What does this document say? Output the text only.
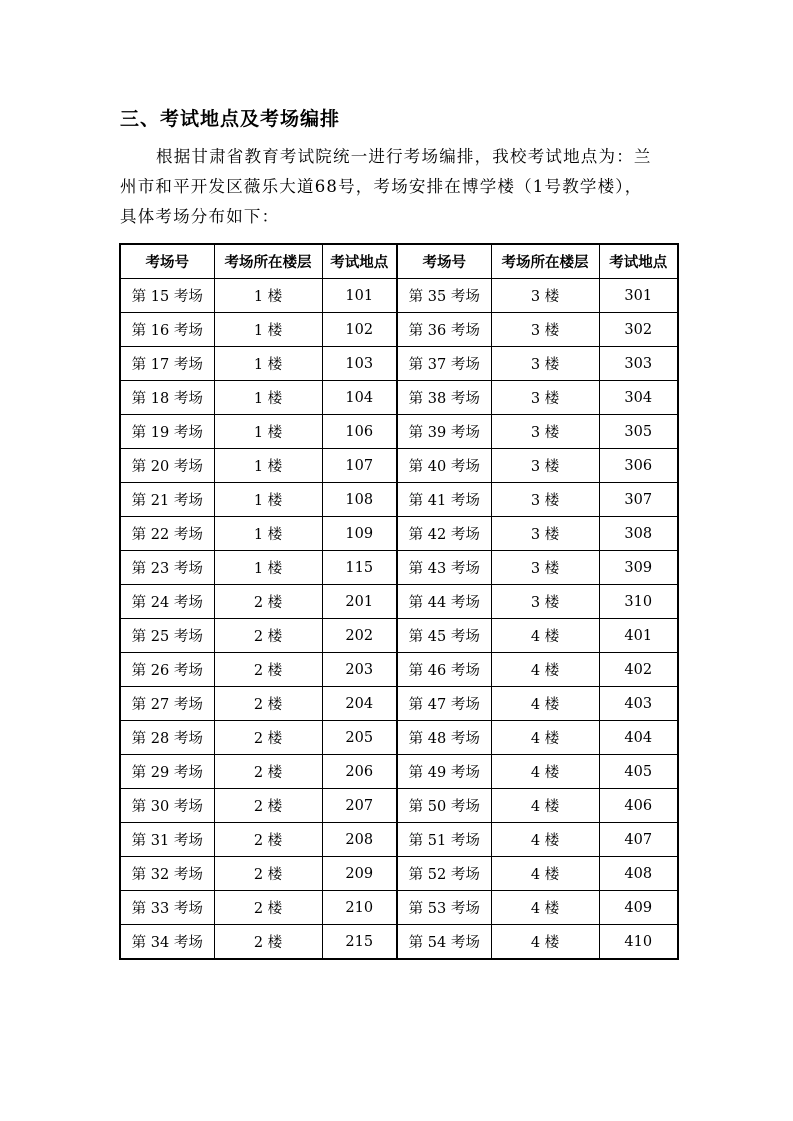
三、考试地点及考场编排
根据甘肃省教育考试院统一进行考场编排，我校考试地点为：兰
州市和平开发区薇乐大道68号，考场安排在博学楼（1号教学楼），
具体考场分布如下：
考场号	考场所在楼层	考试地点	考场号	考场所在楼层	考试地点
第 15 考场	1 楼	101	第 35 考场	3 楼	301
第 16 考场	1 楼	102	第 36 考场	3 楼	302
第 17 考场	1 楼	103	第 37 考场	3 楼	303
第 18 考场	1 楼	104	第 38 考场	3 楼	304
第 19 考场	1 楼	106	第 39 考场	3 楼	305
第 20 考场	1 楼	107	第 40 考场	3 楼	306
第 21 考场	1 楼	108	第 41 考场	3 楼	307
第 22 考场	1 楼	109	第 42 考场	3 楼	308
第 23 考场	1 楼	115	第 43 考场	3 楼	309
第 24 考场	2 楼	201	第 44 考场	3 楼	310
第 25 考场	2 楼	202	第 45 考场	4 楼	401
第 26 考场	2 楼	203	第 46 考场	4 楼	402
第 27 考场	2 楼	204	第 47 考场	4 楼	403
第 28 考场	2 楼	205	第 48 考场	4 楼	404
第 29 考场	2 楼	206	第 49 考场	4 楼	405
第 30 考场	2 楼	207	第 50 考场	4 楼	406
第 31 考场	2 楼	208	第 51 考场	4 楼	407
第 32 考场	2 楼	209	第 52 考场	4 楼	408
第 33 考场	2 楼	210	第 53 考场	4 楼	409
第 34 考场	2 楼	215	第 54 考场	4 楼	410
